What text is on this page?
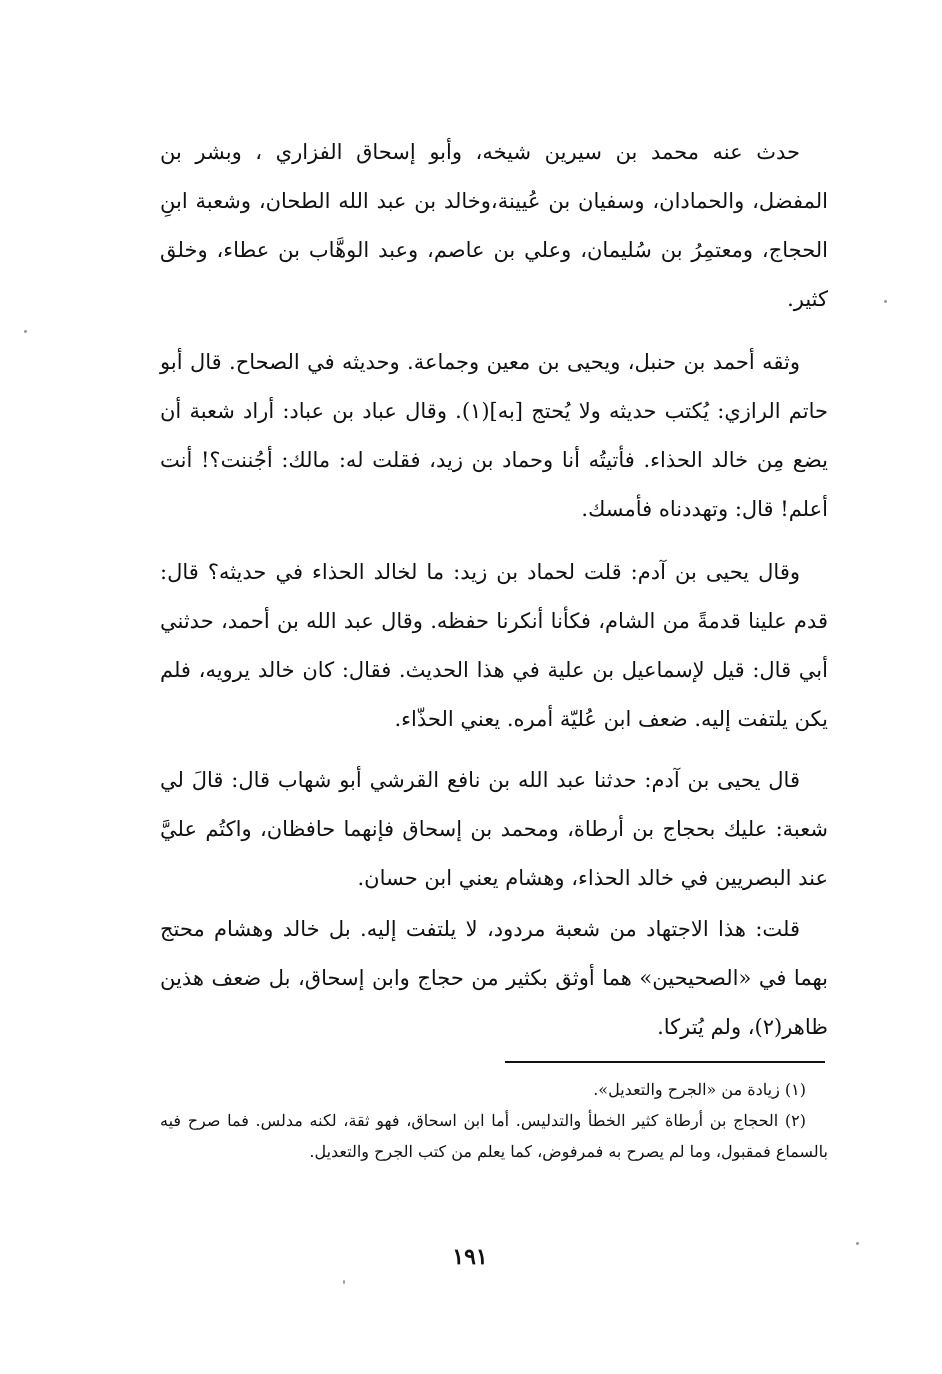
حدث عنه محمد بن سيرين شيخه، وأبو إسحاق الفزاري ، وبشر بن المفضل، والحمادان، وسفيان بن عُيينة،وخالد بن عبد الله الطحان، وشعبة ابنِ الحجاج، ومعتمِرُ بن سُليمان، وعلي بن عاصم، وعبد الوهَّاب بن عطاء، وخلق كثير.

وثقه أحمد بن حنبل، ويحيى بن معين وجماعة. وحديثه في الصحاح. قال أبو حاتم الرازي: يُكتب حديثه ولا يُحتج [به](١). وقال عباد بن عباد: أراد شعبة أن يضع مِن خالد الحذاء. فأتيتُه أنا وحماد بن زيد، فقلت له: مالك: أجُننت؟! أنت أعلم! قال: وتهددناه فأمسك.

وقال يحيى بن آدم: قلت لحماد بن زيد: ما لخالد الحذاء في حديثه؟ قال: قدم علينا قدمةً من الشام، فكأنا أنكرنا حفظه. وقال عبد الله بن أحمد، حدثني أبي قال: قيل لإسماعيل بن علية في هذا الحديث. فقال: كان خالد يرويه، فلم يكن يلتفت إليه. ضعف ابن عُليّة أمره. يعني الحذّاء.

قال يحيى بن آدم: حدثنا عبد الله بن نافع القرشي أبو شهاب قال: قالَ لي شعبة: عليك بحجاج بن أرطاة، ومحمد بن إسحاق فإنهما حافظان، واكتُم عليَّ عند البصريين في خالد الحذاء، وهشام يعني ابن حسان.

قلت: هذا الاجتهاد من شعبة مردود، لا يلتفت إليه. بل خالد وهشام محتج بهما في «الصحيحين» هما أوثق بكثير من حجاج وابن إسحاق، بل ضعف هذين ظاهر(٢)، ولم يُتركا.

(١) زيادة من «الجرح والتعديل».

(٢) الحجاج بن أرطاة كثير الخطأ والتدليس. أما ابن اسحاق، فهو ثقة، لكنه مدلس. فما صرح فيه بالسماع فمقبول، وما لم يصرح به فمرفوض، كما يعلم من كتب الجرح والتعديل.

١٩١
